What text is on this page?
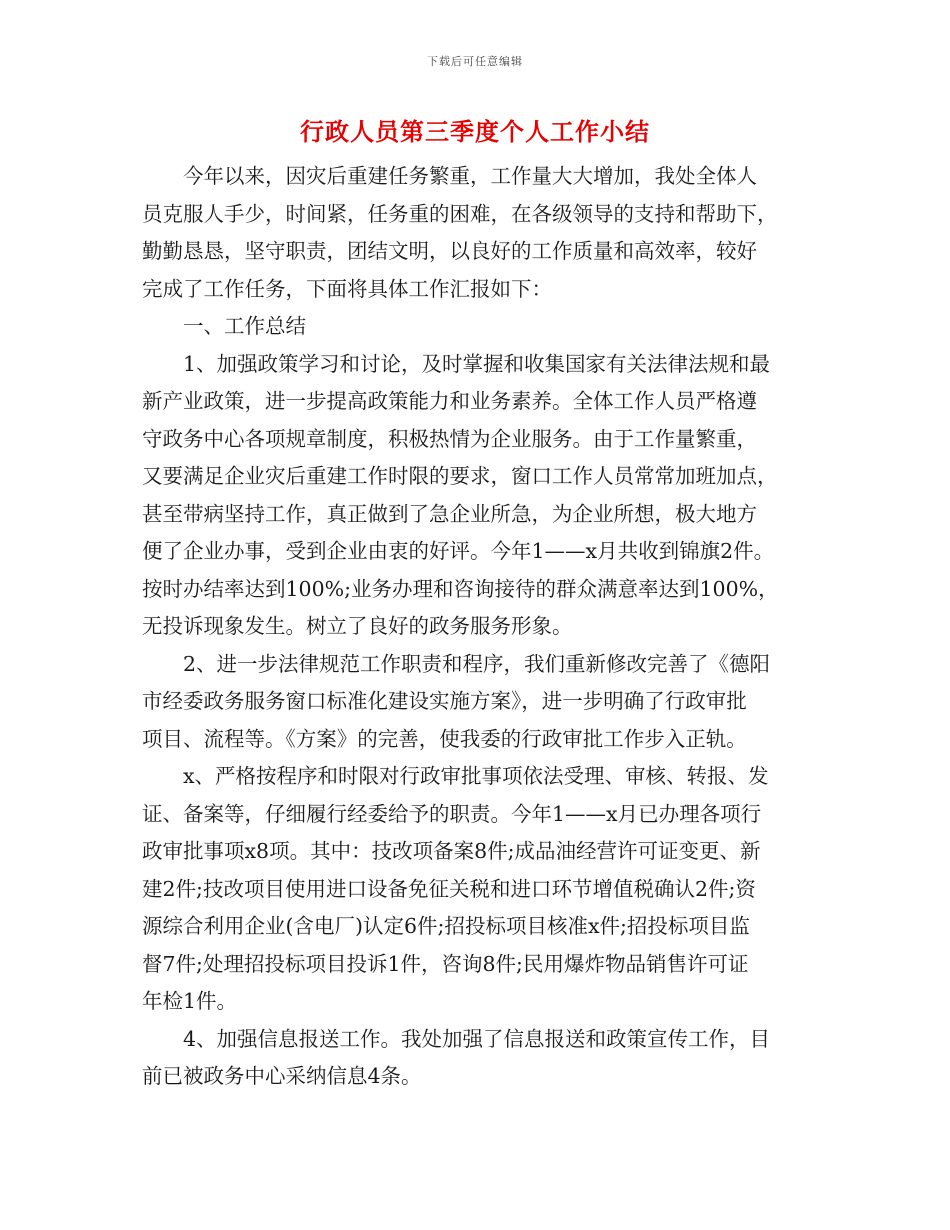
下载后可任意编辑
行政人员第三季度个人工作小结
今年以来，因灾后重建任务繁重，工作量大大增加，我处全体人
员克服人手少，时间紧，任务重的困难，在各级领导的支持和帮助下，
勤勤恳恳，坚守职责，团结文明，以良好的工作质量和高效率，较好
完成了工作任务，下面将具体工作汇报如下：
一、工作总结
1、加强政策学习和讨论，及时掌握和收集国家有关法律法规和最
新产业政策，进一步提高政策能力和业务素养。全体工作人员严格遵
守政务中心各项规章制度，积极热情为企业服务。由于工作量繁重，
又要满足企业灾后重建工作时限的要求，窗口工作人员常常加班加点，
甚至带病坚持工作，真正做到了急企业所急，为企业所想，极大地方
便了企业办事，受到企业由衷的好评。今年1——x月共收到锦旗2件。
按时办结率达到100%;业务办理和咨询接待的群众满意率达到100%，
无投诉现象发生。树立了良好的政务服务形象。
2、进一步法律规范工作职责和程序，我们重新修改完善了《德阳
市经委政务服务窗口标准化建设实施方案》，进一步明确了行政审批
项目、流程等。《方案》的完善，使我委的行政审批工作步入正轨。
x、严格按程序和时限对行政审批事项依法受理、审核、转报、发
证、备案等，仔细履行经委给予的职责。今年1——x月已办理各项行
政审批事项x8项。其中：技改项备案8件;成品油经营许可证变更、新
建2件;技改项目使用进口设备免征关税和进口环节增值税确认2件;资
源综合利用企业(含电厂)认定6件;招投标项目核准x件;招投标项目监
督7件;处理招投标项目投诉1件，咨询8件;民用爆炸物品销售许可证
年检1件。
4、加强信息报送工作。我处加强了信息报送和政策宣传工作，目
前已被政务中心采纳信息4条。
